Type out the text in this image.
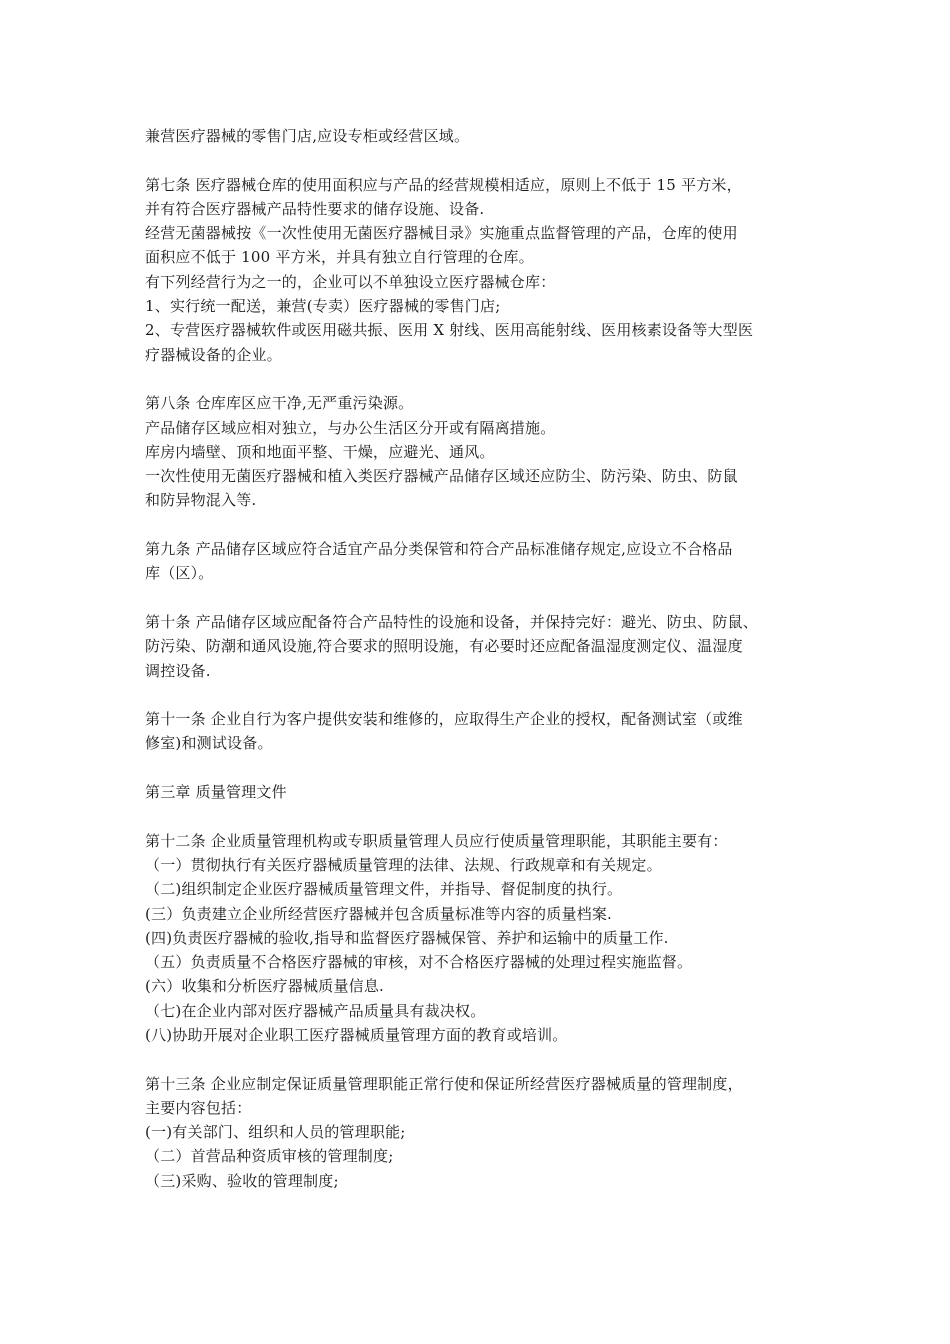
兼营医疗器械的零售门店,应设专柜或经营区域。
第七条 医疗器械仓库的使用面积应与产品的经营规模相适应，原则上不低于 15 平方米，
并有符合医疗器械产品特性要求的储存设施、设备.
经营无菌器械按《一次性使用无菌医疗器械目录》实施重点监督管理的产品，仓库的使用
面积应不低于 100 平方米，并具有独立自行管理的仓库。
有下列经营行为之一的，企业可以不单独设立医疗器械仓库：
1、实行统一配送，兼营(专卖）医疗器械的零售门店;
2、专营医疗器械软件或医用磁共振、医用 X 射线、医用高能射线、医用核素设备等大型医
疗器械设备的企业。
第八条 仓库库区应干净,无严重污染源。
产品储存区域应相对独立，与办公生活区分开或有隔离措施。
库房内墙壁、顶和地面平整、干燥，应避光、通风。
一次性使用无菌医疗器械和植入类医疗器械产品储存区域还应防尘、防污染、防虫、防鼠
和防异物混入等.
第九条 产品储存区域应符合适宜产品分类保管和符合产品标准储存规定,应设立不合格品
库（区）。
第十条 产品储存区域应配备符合产品特性的设施和设备，并保持完好：避光、防虫、防鼠、
防污染、防潮和通风设施,符合要求的照明设施，有必要时还应配备温湿度测定仪、温湿度
调控设备.
第十一条 企业自行为客户提供安装和维修的，应取得生产企业的授权，配备测试室（或维
修室)和测试设备。
第三章 质量管理文件
第十二条 企业质量管理机构或专职质量管理人员应行使质量管理职能，其职能主要有：
（一）贯彻执行有关医疗器械质量管理的法律、法规、行政规章和有关规定。
（二)组织制定企业医疗器械质量管理文件，并指导、督促制度的执行。
(三）负责建立企业所经营医疗器械并包含质量标准等内容的质量档案.
(四)负责医疗器械的验收,指导和监督医疗器械保管、养护和运输中的质量工作.
（五）负责质量不合格医疗器械的审核，对不合格医疗器械的处理过程实施监督。
(六）收集和分析医疗器械质量信息.
（七)在企业内部对医疗器械产品质量具有裁决权。
(八)协助开展对企业职工医疗器械质量管理方面的教育或培训。
第十三条 企业应制定保证质量管理职能正常行使和保证所经营医疗器械质量的管理制度，
主要内容包括：
(一)有关部门、组织和人员的管理职能;
（二）首营品种资质审核的管理制度;
（三)采购、验收的管理制度;
